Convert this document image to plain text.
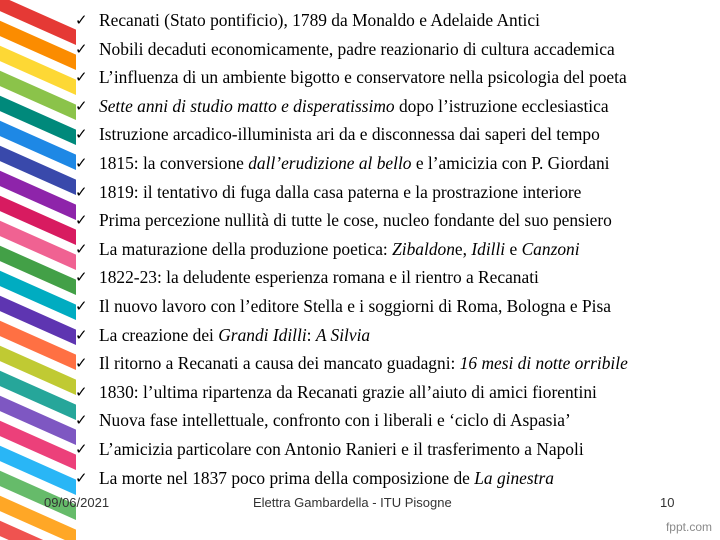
✓ Recanati (Stato pontificio), 1789 da Monaldo e Adelaide Antici
✓ Nobili decaduti economicamente, padre reazionario di cultura accademica
✓ L’influenza di un ambiente bigotto e conservatore nella psicologia del poeta
✓ Sette anni di studio matto e disperatissimo dopo l’istruzione ecclesiastica
✓ Istruzione arcadico-illuminista ari da e disconnessa dai saperi del tempo
✓ 1815: la conversione dall’erudizione al bello e l’amicizia con P. Giordani
✓ 1819: il tentativo di fuga dalla casa paterna e la prostrazione interiore
✓ Prima percezione nullità di tutte le cose, nucleo fondante del suo pensiero
✓ La maturazione della produzione poetica: Zibaldone, Idilli e Canzoni
✓ 1822-23: la deludente esperienza romana e il rientro a Recanati
✓ Il nuovo lavoro con l’editore Stella e i soggiorni di Roma, Bologna e Pisa
✓ La creazione dei Grandi Idilli: A Silvia
✓ Il ritorno a Recanati a causa dei mancato guadagni: 16 mesi di notte orribile
✓ 1830: l’ultima ripartenza da Recanati grazie all’aiuto di amici fiorentini
✓ Nuova fase intellettuale, confronto con i liberali e ‘ciclo di Aspasia’
✓ L’amicizia particolare con Antonio Ranieri e il trasferimento a Napoli
✓ La morte nel 1837 poco prima della composizione de La ginestra
09/06/2021	Elettra Gambardella - ITU Pisogne	10
fppt.com
